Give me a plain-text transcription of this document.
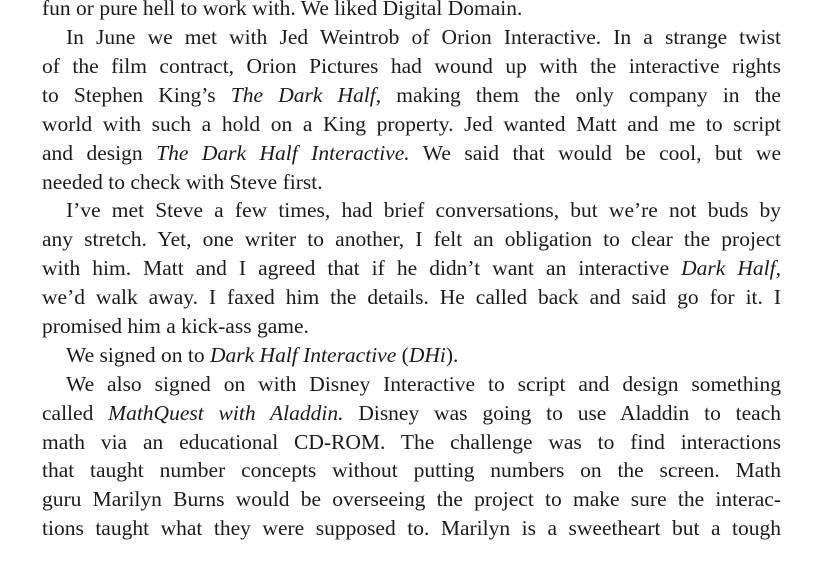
fun or pure hell to work with. We liked Digital Domain.
In June we met with Jed Weintrob of Orion Interactive. In a strange twist
of the film contract, Orion Pictures had wound up with the interactive rights
to Stephen King’s The Dark Half, making them the only company in the
world with such a hold on a King property. Jed wanted Matt and me to script
and design The Dark Half Interactive. We said that would be cool, but we
needed to check with Steve first.
I’ve met Steve a few times, had brief conversations, but we’re not buds by
any stretch. Yet, one writer to another, I felt an obligation to clear the project
with him. Matt and I agreed that if he didn’t want an interactive Dark Half,
we’d walk away. I faxed him the details. He called back and said go for it. I
promised him a kick-ass game.
We signed on to Dark Half Interactive (DHi).
We also signed on with Disney Interactive to script and design something
called MathQuest with Aladdin. Disney was going to use Aladdin to teach
math via an educational CD-ROM. The challenge was to find interactions
that taught number concepts without putting numbers on the screen. Math
guru Marilyn Burns would be overseeing the project to make sure the interac-
tions taught what they were supposed to. Marilyn is a sweetheart but a tough
